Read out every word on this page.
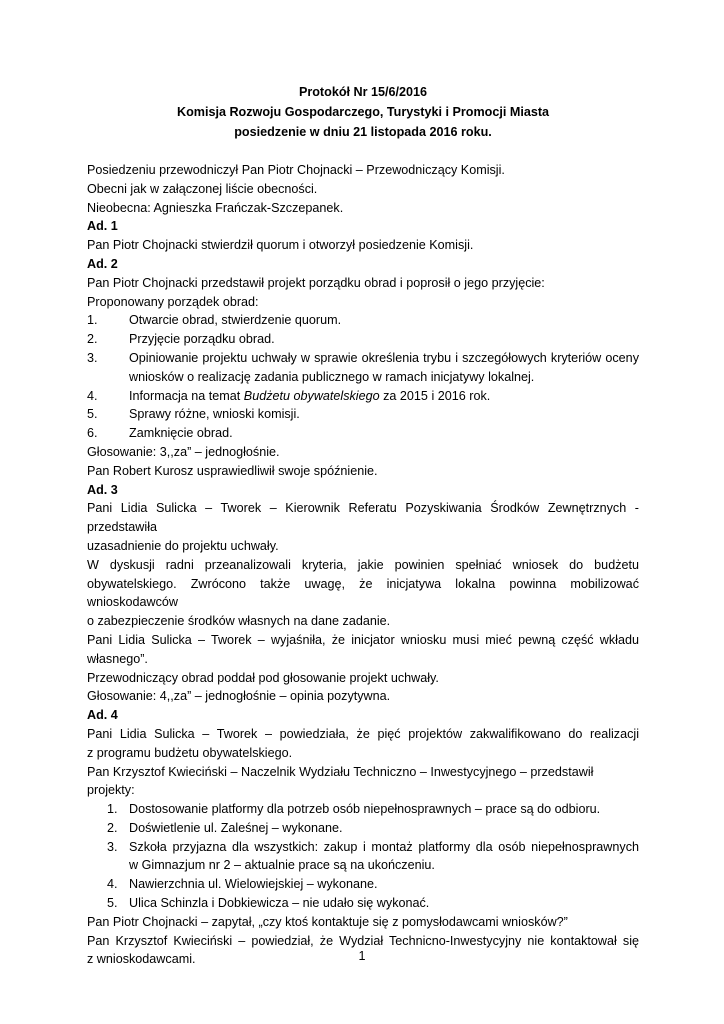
Protokół Nr 15/6/2016
Komisja Rozwoju Gospodarczego, Turystyki i Promocji Miasta
posiedzenie w dniu 21 listopada 2016 roku.
Posiedzeniu przewodniczył Pan Piotr Chojnacki – Przewodniczący Komisji.
Obecni jak w załączonej liście obecności.
Nieobecna: Agnieszka Frańczak-Szczepanek.
Ad. 1
Pan Piotr Chojnacki stwierdził quorum i otworzył posiedzenie Komisji.
Ad. 2
Pan Piotr Chojnacki przedstawił projekt porządku obrad i poprosił o jego przyjęcie:
Proponowany porządek obrad:
1.	Otwarcie obrad, stwierdzenie quorum.
2.	Przyjęcie porządku obrad.
3.	Opiniowanie projektu uchwały w sprawie określenia trybu i szczegółowych kryteriów oceny
wniosków o realizację zadania publicznego w ramach inicjatywy lokalnej.
4.	Informacja na temat Budżetu obywatelskiego za 2015 i 2016 rok.
5.	Sprawy różne, wnioski komisji.
6.	Zamknięcie obrad.
Głosowanie: 3,,za” – jednogłośnie.
Pan Robert Kurosz usprawiedliwił swoje spóźnienie.
Ad. 3
Pani Lidia Sulicka – Tworek – Kierownik Referatu Pozyskiwania Środków Zewnętrznych - przedstawiła
uzasadnienie do projektu uchwały.
W dyskusji radni przeanalizowali kryteria, jakie powinien spełniać wniosek do budżetu
obywatelskiego. Zwrócono także uwagę, że inicjatywa lokalna powinna mobilizować wnioskodawców
o zabezpieczenie środków własnych na dane zadanie.
Pani Lidia Sulicka – Tworek – wyjaśniła, że inicjator wniosku musi mieć pewną część wkładu
własnego”.
Przewodniczący obrad poddał pod głosowanie projekt uchwały.
Głosowanie: 4,,za” – jednogłośnie – opinia pozytywna.
Ad. 4
Pani Lidia Sulicka – Tworek – powiedziała, że pięć projektów zakwalifikowano do realizacji
z programu budżetu obywatelskiego.
Pan Krzysztof Kwieciński – Naczelnik Wydziału Techniczno – Inwestycyjnego – przedstawił projekty:
1. Dostosowanie platformy dla potrzeb osób niepełnosprawnych – prace są do odbioru.
2. Doświetlenie ul. Zaleśnej – wykonane.
3. Szkoła przyjazna dla wszystkich: zakup i montaż platformy dla osób niepełnosprawnych
w Gimnazjum nr 2 – aktualnie prace są na ukończeniu.
4. Nawierzchnia ul. Wielowiejskiej – wykonane.
5. Ulica Schinzla i Dobkiewicza – nie udało się wykonać.
Pan Piotr Chojnacki – zapytał, „czy ktoś kontaktuje się z pomysłodawcami wniosków?”
Pan Krzysztof Kwieciński – powiedział, że Wydział Technicno-Inwestycyjny nie kontaktował się
z wnioskodawcami.	1
